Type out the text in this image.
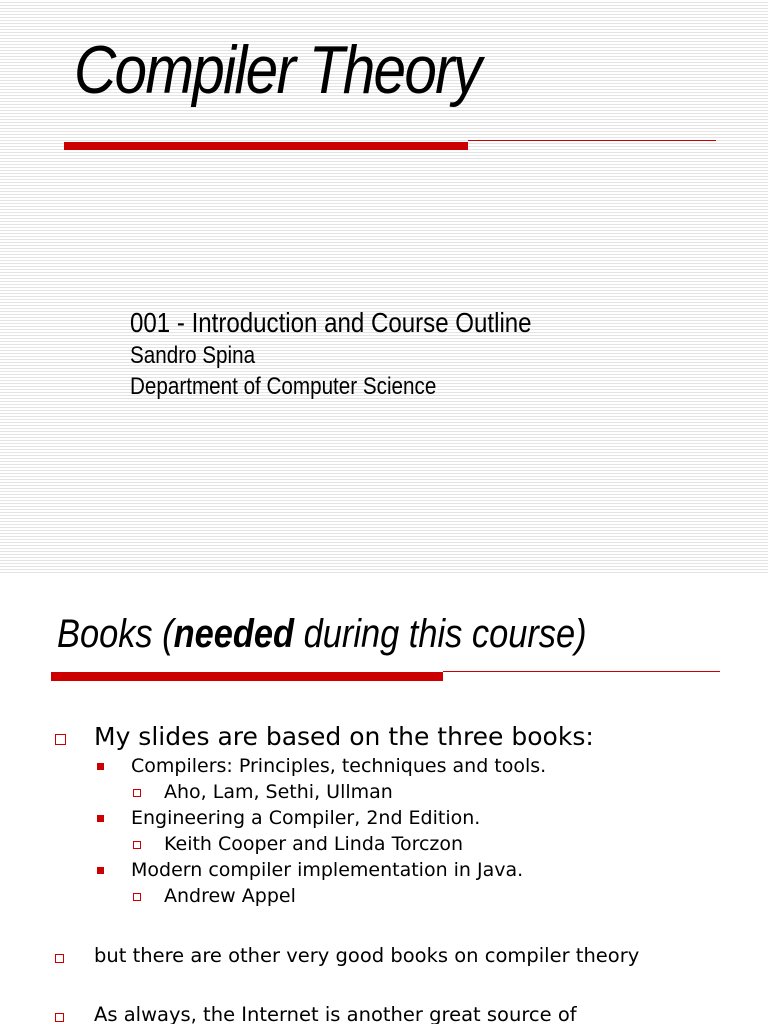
Compiler Theory
001 - Introduction and Course Outline
Sandro Spina
Department of Computer Science
Books (needed during this course)
My slides are based on the three books:
Compilers: Principles, techniques and tools.
Aho, Lam, Sethi, Ullman
Engineering a Compiler, 2nd Edition.
Keith Cooper and Linda Torczon
Modern compiler implementation in Java.
Andrew Appel
but there are other very good books on compiler theory
As always, the Internet is another great source of
